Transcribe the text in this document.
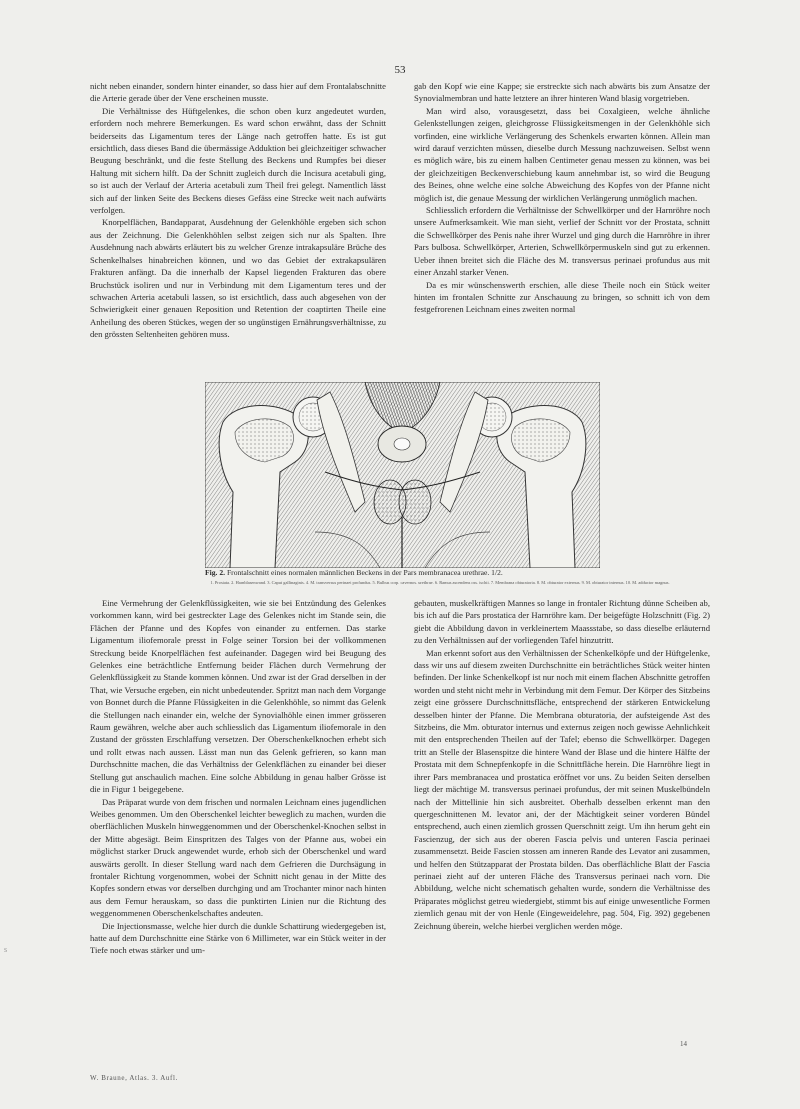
53

nicht neben einander, sondern hinter einander, so dass hier auf dem Frontalabschnitte die Arterie gerade über der Vene erscheinen musste.

Die Verhältnisse des Hüftgelenkes, die schon oben kurz angedeutet wurden, erfordern noch mehrere Bemerkungen. Es ward schon erwähnt, dass der Schnitt beiderseits das Ligamentum teres der Länge nach getroffen hatte. Es ist gut ersichtlich, dass dieses Band die übermässige Adduktion bei gleichzeitiger schwacher Beugung beschränkt, und die feste Stellung des Beckens und Rumpfes bei dieser Haltung mit sichern hilft. Da der Schnitt zugleich durch die Incisura acetabuli ging, so ist auch der Verlauf der Arteria acetabuli zum Theil frei gelegt. Namentlich lässt sich auf der linken Seite des Beckens dieses Gefäss eine Strecke weit nach aufwärts verfolgen.

Knorpelflächen, Bandapparat, Ausdehnung der Gelenkhöhle ergeben sich schon aus der Zeichnung. Die Gelenkhöhlen selbst zeigen sich nur als Spalten. Ihre Ausdehnung nach abwärts erläutert bis zu welcher Grenze intrakapsuläre Brüche des Schenkelhalses hinabreichen können, und wo das Gebiet der extrakapsulären Frakturen anfängt. Da die innerhalb der Kapsel liegenden Frakturen das obere Bruchstück isoliren und nur in Verbindung mit dem Ligamentum teres und der schwachen Arteria acetabuli lassen, so ist ersichtlich, dass auch abgesehen von der Schwierigkeit einer genauen Reposition und Retention der coaptirten Theile eine Anheilung des oberen Stückes, wegen der so ungünstigen Ernährungsverhältnisse, zu den grössten Seltenheiten gehören muss.

gab den Kopf wie eine Kappe; sie erstreckte sich nach abwärts bis zum Ansatze der Synovialmembran und hatte letztere an ihrer hinteren Wand blasig vorgetrieben.

Man wird also, vorausgesetzt, dass bei Coxalgieen, welche ähnliche Gelenkstellungen zeigen, gleichgrosse Flüssigkeitsmengen in der Gelenkhöhle sich vorfinden, eine wirkliche Verlängerung des Schenkels erwarten können. Allein man wird darauf verzichten müssen, dieselbe durch Messung nachzuweisen. Selbst wenn es möglich wäre, bis zu einem halben Centimeter genau messen zu können, was bei der gleichzeitigen Beckenverschiebung kaum annehmbar ist, so wird die Beugung des Beines, ohne welche eine solche Abweichung des Kopfes von der Pfanne nicht möglich ist, die genaue Messung der wirklichen Verlängerung unmöglich machen.

Schliesslich erfordern die Verhältnisse der Schwellkörper und der Harnröhre noch unsere Aufmerksamkeit. Wie man sieht, verlief der Schnitt vor der Prostata, schnitt die Schwellkörper des Penis nahe ihrer Wurzel und ging durch die Harnröhre in ihrer Pars bulbosa. Schwellkörper, Arterien, Schwellkörpermuskeln sind gut zu erkennen. Ueber ihnen breitet sich die Fläche des M. transversus perinaei profundus aus mit einer Anzahl starker Venen.

Da es mir wünschenswerth erschien, alle diese Theile noch ein Stück weiter hinten im frontalen Schnitte zur Anschauung zu bringen, so schnitt ich von dem festgefrorenen Leichnam eines zweiten normal

Fig. 2. Frontalschnitt eines normalen männlichen Beckens in der Pars membranacea urethrae. 1/2.
1. Prostata. 2. Harnblasenwand. 3. Caput gallinaginis. 4. M. transversus perinaei profundus. 5. Bulbus corp. cavernos. urethrae. 6. Ramus ascendens oss. ischii. 7. Membrana obturatoria. 8. M. obturator externus. 9. M. obturator internus. 10. M. adductor magnus.

Eine Vermehrung der Gelenkflüssigkeiten, wie sie bei Entzündung des Gelenkes vorkommen kann, wird bei gestreckter Lage des Gelenkes nicht im Stande sein, die Flächen der Pfanne und des Kopfes von einander zu entfernen. Das starke Ligamentum iliofemorale presst in Folge seiner Torsion bei der vollkommenen Streckung beide Knorpelflächen fest aufeinander. Dagegen wird bei Beugung des Gelenkes eine beträchtliche Entfernung beider Flächen durch Vermehrung der Gelenkflüssigkeit zu Stande kommen können. Und zwar ist der Grad derselben in der That, wie Versuche ergeben, ein nicht unbedeutender. Spritzt man nach dem Vorgange von Bonnet durch die Pfanne Flüssigkeiten in die Gelenkhöhle, so nimmt das Gelenk die Stellungen nach einander ein, welche der Synovialhöhle einen immer grösseren Raum gewähren, welche aber auch schliesslich das Ligamentum iliofemorale in den Zustand der grössten Erschlaffung versetzen. Der Oberschenkelknochen erhebt sich und rollt etwas nach aussen. Lässt man nun das Gelenk gefrieren, so kann man Durchschnitte machen, die das Verhältniss der Gelenkflächen zu einander bei dieser Stellung gut anschaulich machen. Eine solche Abbildung in genau halber Grösse ist die in Figur 1 beigegebene.

Das Präparat wurde von dem frischen und normalen Leichnam eines jugendlichen Weibes genommen. Um den Oberschenkel leichter beweglich zu machen, wurden die oberflächlichen Muskeln hinweggenommen und der Oberschenkel-Knochen selbst in der Mitte abgesägt. Beim Einspritzen des Talges von der Pfanne aus, wobei ein möglichst starker Druck angewendet wurde, erhob sich der Oberschenkel und ward auswärts gerollt. In dieser Stellung ward nach dem Gefrieren die Durchsägung in frontaler Richtung vorgenommen, wobei der Schnitt nicht genau in der Mitte des Kopfes sondern etwas vor derselben durchging und am Trochanter minor nach hinten aus dem Femur herauskam, so dass die punktirten Linien nur die Richtung des weggenommenen Oberschenkelschaftes andeuten.

Die Injectionsmasse, welche hier durch die dunkle Schattirung wiedergegeben ist, hatte auf dem Durchschnitte eine Stärke von 6 Millimeter, war ein Stück weiter in der Tiefe noch etwas stärker und um-

gebauten, muskelkräftigen Mannes so lange in frontaler Richtung dünne Scheiben ab, bis ich auf die Pars prostatica der Harnröhre kam. Der beigefügte Holzschnitt (Fig. 2) giebt die Abbildung davon in verkleinertem Maassstabe, so dass dieselbe erläuternd zu den Verhältnissen auf der vorliegenden Tafel hinzutritt.

Man erkennt sofort aus den Verhältnissen der Schenkelköpfe und der Hüftgelenke, dass wir uns auf diesem zweiten Durchschnitte ein beträchtliches Stück weiter hinten befinden. Der linke Schenkelkopf ist nur noch mit einem flachen Abschnitte getroffen worden und steht nicht mehr in Verbindung mit dem Femur. Der Körper des Sitzbeins zeigt eine grössere Durchschnittsfläche, entsprechend der stärkeren Entwickelung desselben hinter der Pfanne. Die Membrana obturatoria, der aufsteigende Ast des Sitzbeins, die Mm. obturator internus und externus zeigen noch gewisse Aehnlichkeit mit den entsprechenden Theilen auf der Tafel; ebenso die Schwellkörper. Dagegen tritt an Stelle der Blasenspitze die hintere Wand der Blase und die hintere Hälfte der Prostata mit dem Schnepfenkopfe in die Schnittfläche herein. Die Harnröhre liegt in ihrer Pars membranacea und prostatica eröffnet vor uns. Zu beiden Seiten derselben liegt der mächtige M. transversus perinaei profundus, der mit seinen Muskelbündeln nach der Mittellinie hin sich ausbreitet. Oberhalb desselben erkennt man den quergeschnittenen M. levator ani, der der Mächtigkeit seiner vorderen Bündel entsprechend, auch einen ziemlich grossen Querschnitt zeigt. Um ihn herum geht ein Fascienzug, der sich aus der oberen Fascia pelvis und unteren Fascia perinaei zusammensetzt. Beide Fascien stossen am inneren Rande des Levator ani zusammen, und helfen den Stützapparat der Prostata bilden. Das oberflächliche Blatt der Fascia perinaei zieht auf der unteren Fläche des Transversus perinaei nach vorn. Die Abbildung, welche nicht schematisch gehalten wurde, sondern die Verhältnisse des Präparates möglichst getreu wiedergiebt, stimmt bis auf einige unwesentliche Formen ziemlich genau mit der von Henle (Eingeweidelehre, pag. 504, Fig. 392) gegebenen Zeichnung überein, welche hierbei verglichen werden möge.

14
W. Braune, Atlas. 3. Aufl.
s
